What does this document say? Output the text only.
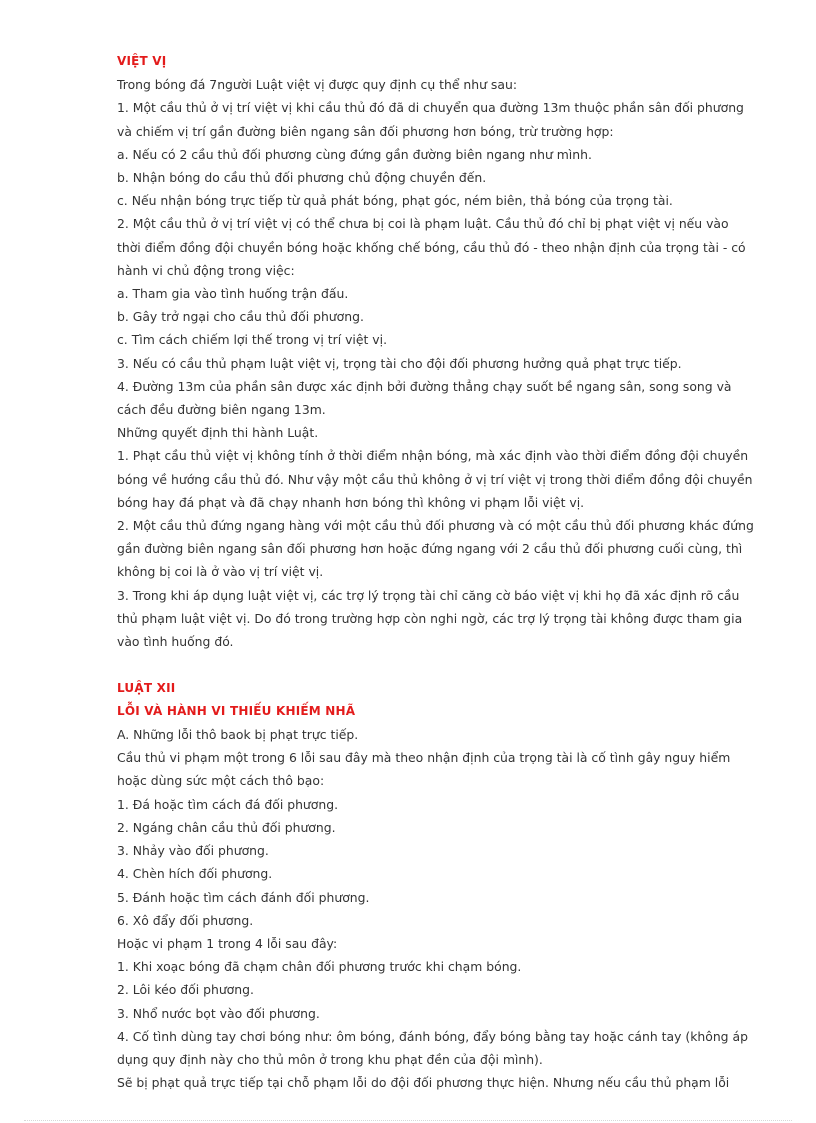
VIỆT VỊ

Trong bóng đá 7người Luật việt vị được quy định cụ thể như sau:

1. Một cầu thủ ở vị trí việt vị khi cầu thủ đó đã di chuyển qua đường 13m thuộc phần sân đối phương

và chiếm vị trí gần đường biên ngang sân đối phương hơn bóng, trừ trường hợp:

a. Nếu có 2 cầu thủ đối phương cùng đứng gần đường biên ngang như mình.

b. Nhận bóng do cầu thủ đối phương chủ động chuyền đến.

c. Nếu nhận bóng trực tiếp từ quả phát bóng, phạt góc, ném biên, thả bóng của trọng tài.

2. Một cầu thủ ở vị trí việt vị có thể chưa bị coi là phạm luật. Cầu thủ đó chỉ bị phạt việt vị nếu vào

thời điểm đồng đội chuyền bóng hoặc khống chế bóng, cầu thủ đó - theo nhận định của trọng tài - có

hành vi chủ động trong việc:

a. Tham gia vào tình huống trận đấu.

b. Gây trở ngại cho cầu thủ đối phương.

c. Tìm cách chiếm lợi thế trong vị trí việt vị.

3. Nếu có cầu thủ phạm luật việt vị, trọng tài cho đội đối phương hưởng quả phạt trực tiếp.

4. Đường 13m của phần sân được xác định bởi đường thẳng chạy suốt bề ngang sân, song song và

cách đều đường biên ngang 13m.

Những quyết định thi hành Luật.

1. Phạt cầu thủ việt vị không tính ở thời điểm nhận bóng, mà xác định vào thời điểm đồng đội chuyền

bóng về hướng cầu thủ đó. Như vậy một cầu thủ không ở vị trí việt vị trong thời điểm đồng đội chuyền

bóng hay đá phạt và đã chạy nhanh hơn bóng thì không vi phạm lỗi việt vị.

2. Một cầu thủ đứng ngang hàng với một cầu thủ đối phương và có một cầu thủ đối phương khác đứng

gần đường biên ngang sân đối phương hơn hoặc đứng ngang với 2 cầu thủ đối phương cuối cùng, thì

không bị coi là ở vào vị trí việt vị.

3. Trong khi áp dụng luật việt vị, các trợ lý trọng tài chỉ căng cờ báo việt vị khi họ đã xác định rõ cầu

thủ phạm luật việt vị. Do đó trong trường hợp còn nghi ngờ, các trợ lý trọng tài không được tham gia

vào tình huống đó.

LUẬT XII
LỖI VÀ HÀNH VI THIẾU KHIẾM NHÃ

A. Những lỗi thô baok bị phạt trực tiếp.

Cầu thủ vi phạm một trong 6 lỗi sau đây mà theo nhận định của trọng tài là cố tình gây nguy hiểm

hoặc dùng sức một cách thô bạo:

1. Đá hoặc tìm cách đá đối phương.

2. Ngáng chân cầu thủ đối phương.

3. Nhảy vào đối phương.

4. Chèn hích đối phương.

5. Đánh hoặc tìm cách đánh đối phương.

6. Xô đẩy đối phương.

Hoặc vi phạm 1 trong 4 lỗi sau đây:

1. Khi xoạc bóng đã chạm chân đối phương trước khi chạm bóng.

2. Lôi kéo đối phương.

3. Nhổ nước bọt vào đối phương.

4. Cố tình dùng tay chơi bóng như: ôm bóng, đánh bóng, đẩy bóng bằng tay hoặc cánh tay (không áp

dụng quy định này cho thủ môn ở trong khu phạt đền của đội mình).

Sẽ bị phạt quả trực tiếp tại chỗ phạm lỗi do đội đối phương thực hiện. Nhưng nếu cầu thủ phạm lỗi
